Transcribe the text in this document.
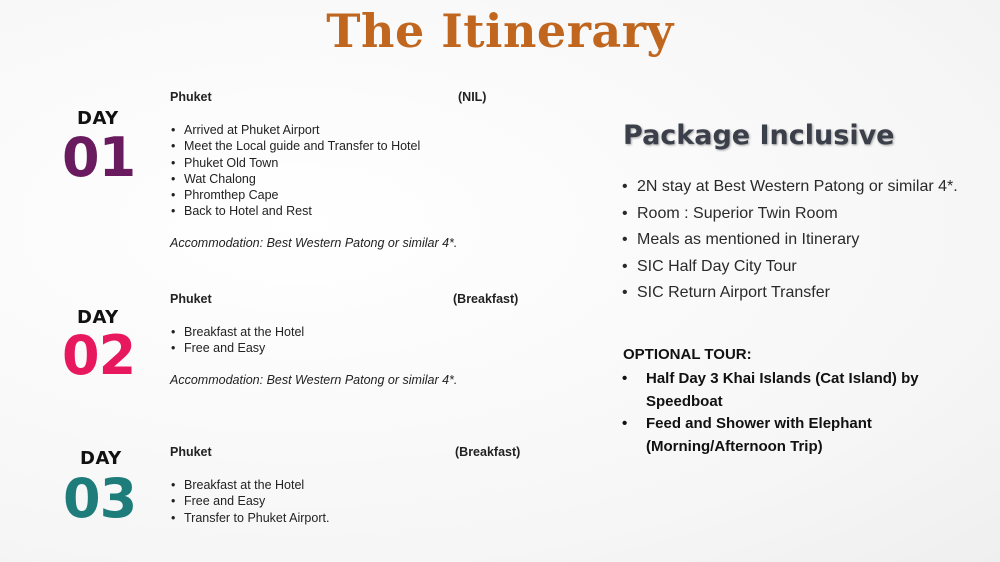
The Itinerary
DAY
01
Phuket	(NIL)
• Arrived at Phuket Airport
• Meet the Local guide and Transfer to Hotel
• Phuket Old Town
• Wat Chalong
• Phromthep Cape
• Back to Hotel and Rest
Accommodation: Best Western Patong or similar 4*.
DAY
02
Phuket	(Breakfast)
• Breakfast at the Hotel
• Free and Easy
Accommodation: Best Western Patong or similar 4*.
DAY
03
Phuket	(Breakfast)
• Breakfast at the Hotel
• Free and Easy
• Transfer to Phuket Airport.
Package Inclusive
• 2N stay at Best Western Patong or similar 4*.
• Room : Superior Twin Room
• Meals as mentioned in Itinerary
• SIC Half Day City Tour
• SIC Return Airport Transfer
OPTIONAL TOUR:
• Half Day 3 Khai Islands (Cat Island) by Speedboat
• Feed and Shower with Elephant (Morning/Afternoon Trip)
